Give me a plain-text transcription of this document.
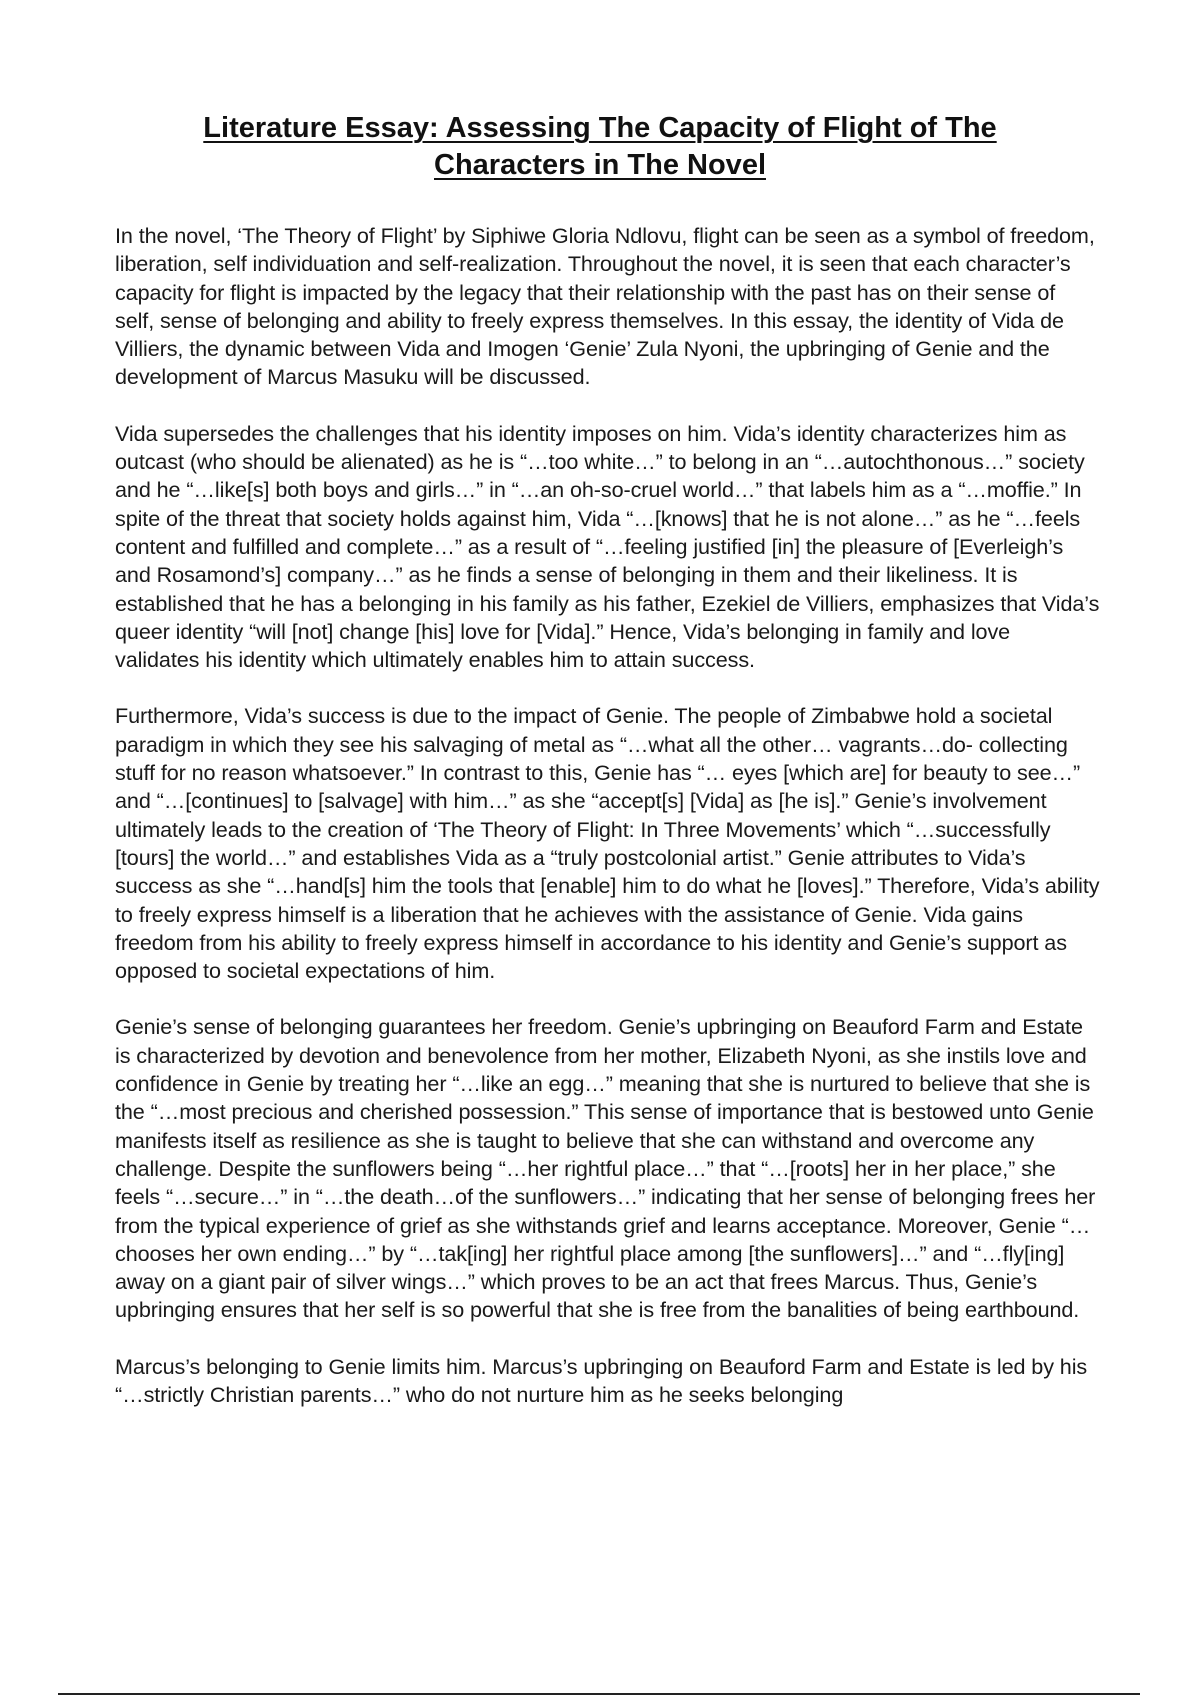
Literature Essay: Assessing The Capacity of Flight of The
Characters in The Novel

In the novel, ‘The Theory of Flight’ by Siphiwe Gloria Ndlovu, flight can be seen as a symbol of freedom, liberation, self individuation and self-realization. Throughout the novel, it is seen that each character’s capacity for flight is impacted by the legacy that their relationship with the past has on their sense of self, sense of belonging and ability to freely express themselves. In this essay, the identity of Vida de Villiers, the dynamic between Vida and Imogen ‘Genie’ Zula Nyoni, the upbringing of Genie and the development of Marcus Masuku will be discussed.

Vida supersedes the challenges that his identity imposes on him. Vida’s identity characterizes him as outcast (who should be alienated) as he is “…too white…” to belong in an “…autochthonous…” society and he “…like[s] both boys and girls…” in “…an oh-so-cruel world…” that labels him as a “…moffie.” In spite of the threat that society holds against him, Vida “…[knows] that he is not alone…” as he “…feels content and fulfilled and complete…” as a result of “…feeling justified [in] the pleasure of [Everleigh’s and Rosamond’s] company…” as he finds a sense of belonging in them and their likeliness. It is established that he has a belonging in his family as his father, Ezekiel de Villiers, emphasizes that Vida’s queer identity “will [not] change [his] love for [Vida].” Hence, Vida’s belonging in family and love validates his identity which ultimately enables him to attain success.

Furthermore, Vida’s success is due to the impact of Genie. The people of Zimbabwe hold a societal paradigm in which they see his salvaging of metal as “…what all the other… vagrants…do- collecting stuff for no reason whatsoever.” In contrast to this, Genie has “… eyes [which are] for beauty to see…” and “…[continues] to [salvage] with him…” as she “accept[s] [Vida] as [he is].” Genie’s involvement ultimately leads to the creation of ‘The Theory of Flight: In Three Movements’ which “…successfully [tours] the world…” and establishes Vida as a “truly postcolonial artist.” Genie attributes to Vida’s success as she “…hand[s] him the tools that [enable] him to do what he [loves].” Therefore, Vida’s ability to freely express himself is a liberation that he achieves with the assistance of Genie. Vida gains freedom from his ability to freely express himself in accordance to his identity and Genie’s support as opposed to societal expectations of him.

Genie’s sense of belonging guarantees her freedom. Genie’s upbringing on Beauford Farm and Estate is characterized by devotion and benevolence from her mother, Elizabeth Nyoni, as she instils love and confidence in Genie by treating her “…like an egg…” meaning that she is nurtured to believe that she is the “…most precious and cherished possession.” This sense of importance that is bestowed unto Genie manifests itself as resilience as she is taught to believe that she can withstand and overcome any challenge. Despite the sunflowers being “…her rightful place…” that “…[roots] her in her place,” she feels “…secure…” in “…the death…of the sunflowers…” indicating that her sense of belonging frees her from the typical experience of grief as she withstands grief and learns acceptance. Moreover, Genie “…chooses her own ending…” by “…tak[ing] her rightful place among [the sunflowers]…” and “…fly[ing] away on a giant pair of silver wings…” which proves to be an act that frees Marcus. Thus, Genie’s upbringing ensures that her self is so powerful that she is free from the banalities of being earthbound.

Marcus’s belonging to Genie limits him. Marcus’s upbringing on Beauford Farm and Estate is led by his “…strictly Christian parents…” who do not nurture him as he seeks belonging
